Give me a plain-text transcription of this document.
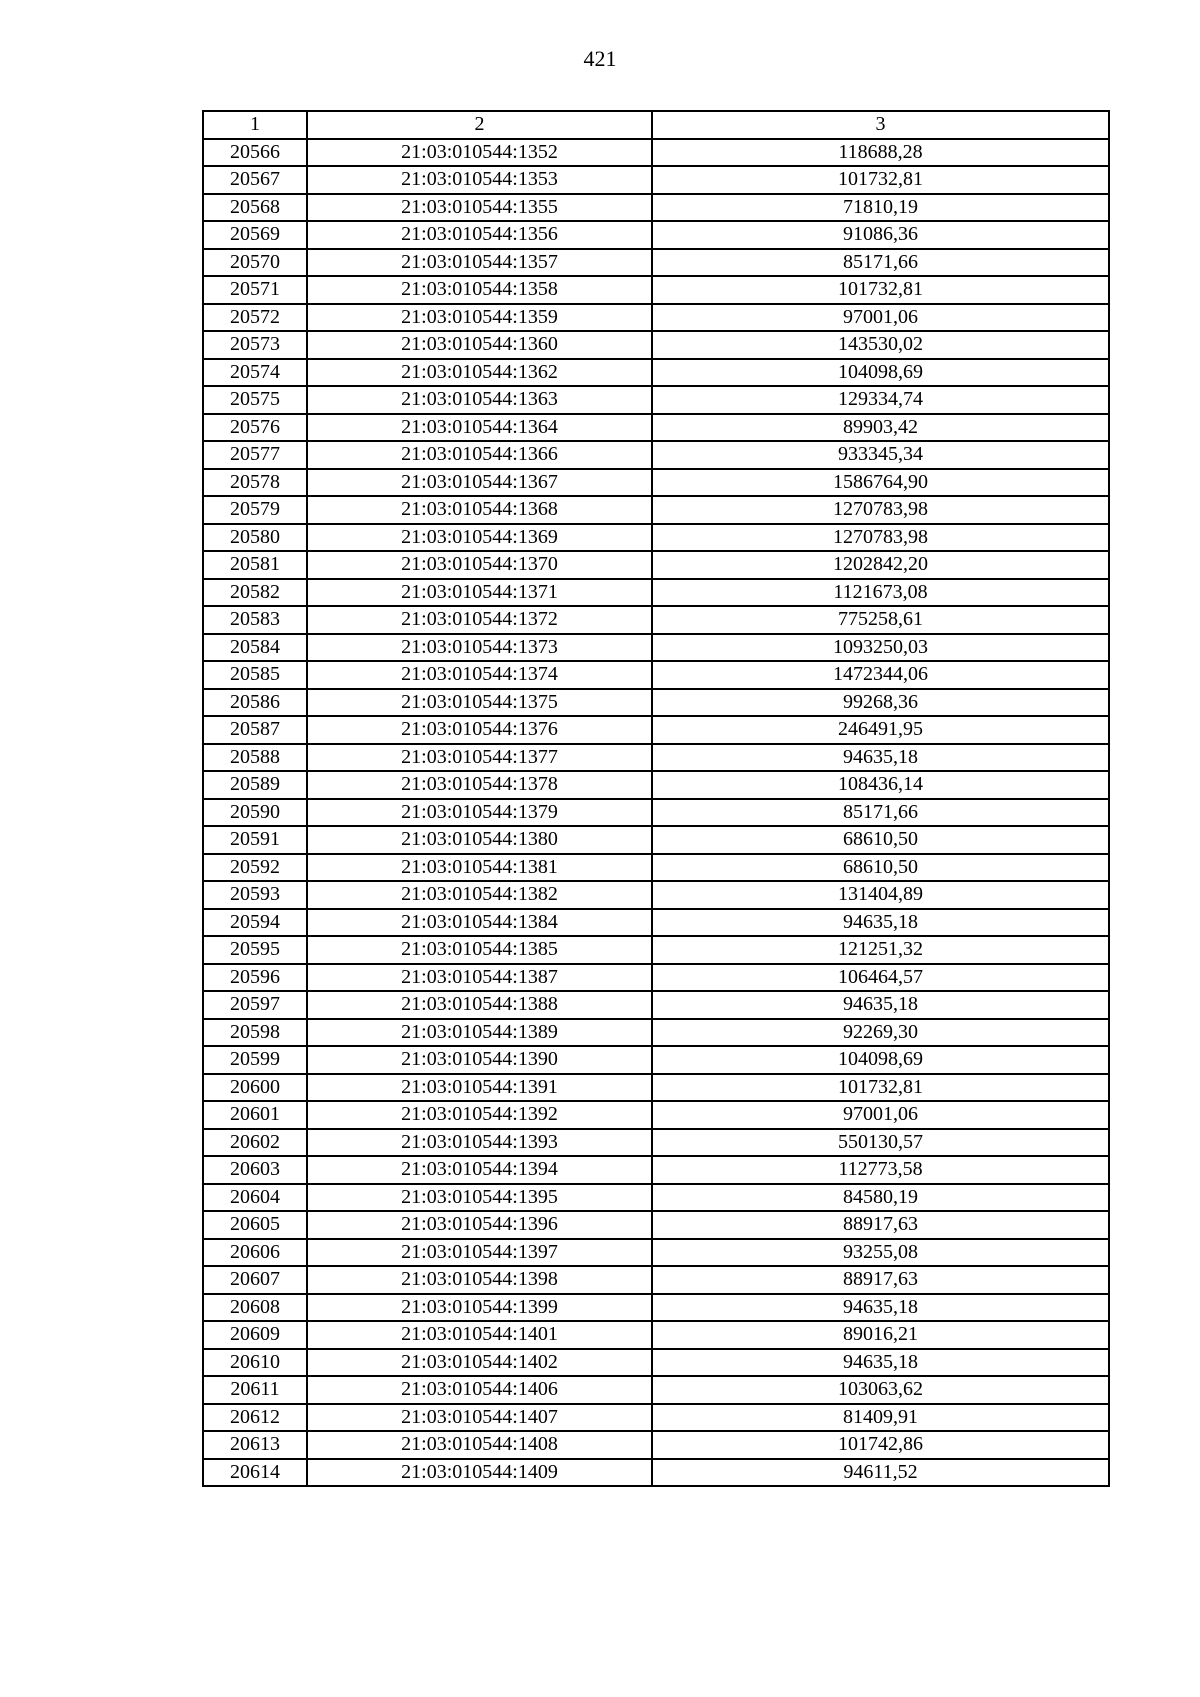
421
1	2	3
20566	21:03:010544:1352	118688,28
20567	21:03:010544:1353	101732,81
20568	21:03:010544:1355	71810,19
20569	21:03:010544:1356	91086,36
20570	21:03:010544:1357	85171,66
20571	21:03:010544:1358	101732,81
20572	21:03:010544:1359	97001,06
20573	21:03:010544:1360	143530,02
20574	21:03:010544:1362	104098,69
20575	21:03:010544:1363	129334,74
20576	21:03:010544:1364	89903,42
20577	21:03:010544:1366	933345,34
20578	21:03:010544:1367	1586764,90
20579	21:03:010544:1368	1270783,98
20580	21:03:010544:1369	1270783,98
20581	21:03:010544:1370	1202842,20
20582	21:03:010544:1371	1121673,08
20583	21:03:010544:1372	775258,61
20584	21:03:010544:1373	1093250,03
20585	21:03:010544:1374	1472344,06
20586	21:03:010544:1375	99268,36
20587	21:03:010544:1376	246491,95
20588	21:03:010544:1377	94635,18
20589	21:03:010544:1378	108436,14
20590	21:03:010544:1379	85171,66
20591	21:03:010544:1380	68610,50
20592	21:03:010544:1381	68610,50
20593	21:03:010544:1382	131404,89
20594	21:03:010544:1384	94635,18
20595	21:03:010544:1385	121251,32
20596	21:03:010544:1387	106464,57
20597	21:03:010544:1388	94635,18
20598	21:03:010544:1389	92269,30
20599	21:03:010544:1390	104098,69
20600	21:03:010544:1391	101732,81
20601	21:03:010544:1392	97001,06
20602	21:03:010544:1393	550130,57
20603	21:03:010544:1394	112773,58
20604	21:03:010544:1395	84580,19
20605	21:03:010544:1396	88917,63
20606	21:03:010544:1397	93255,08
20607	21:03:010544:1398	88917,63
20608	21:03:010544:1399	94635,18
20609	21:03:010544:1401	89016,21
20610	21:03:010544:1402	94635,18
20611	21:03:010544:1406	103063,62
20612	21:03:010544:1407	81409,91
20613	21:03:010544:1408	101742,86
20614	21:03:010544:1409	94611,52
